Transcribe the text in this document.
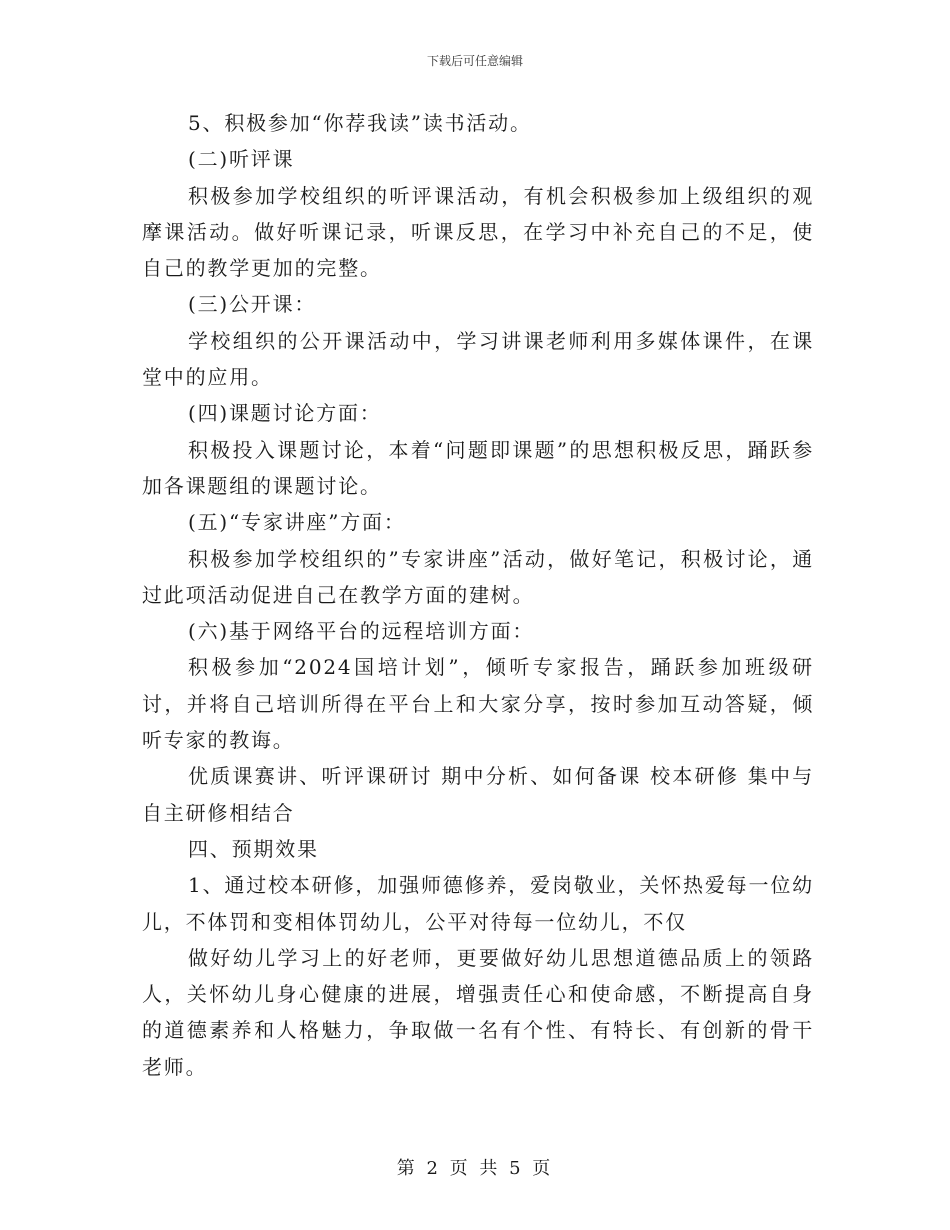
下载后可任意编辑

5、积极参加“你荐我读”读书活动。

(二)听评课

积极参加学校组织的听评课活动，有机会积极参加上级组织的观摩课活动。做好听课记录，听课反思，在学习中补充自己的不足，使自己的教学更加的完整。

(三)公开课：

学校组织的公开课活动中，学习讲课老师利用多媒体课件，在课堂中的应用。

(四)课题讨论方面：

积极投入课题讨论，本着“问题即课题”的思想积极反思，踊跃参加各课题组的课题讨论。

(五)“专家讲座”方面：

积极参加学校组织的”专家讲座”活动，做好笔记，积极讨论，通过此项活动促进自己在教学方面的建树。

(六)基于网络平台的远程培训方面：

积极参加“2024国培计划”，倾听专家报告，踊跃参加班级研讨，并将自己培训所得在平台上和大家分享，按时参加互动答疑，倾听专家的教诲。

优质课赛讲、听评课研讨 期中分析、如何备课 校本研修 集中与自主研修相结合

四、预期效果

1、通过校本研修，加强师德修养，爱岗敬业，关怀热爱每一位幼儿，不体罚和变相体罚幼儿，公平对待每一位幼儿，不仅

做好幼儿学习上的好老师，更要做好幼儿思想道德品质上的领路人，关怀幼儿身心健康的进展，增强责任心和使命感，不断提高自身的道德素养和人格魅力，争取做一名有个性、有特长、有创新的骨干老师。

第 2 页 共 5 页
